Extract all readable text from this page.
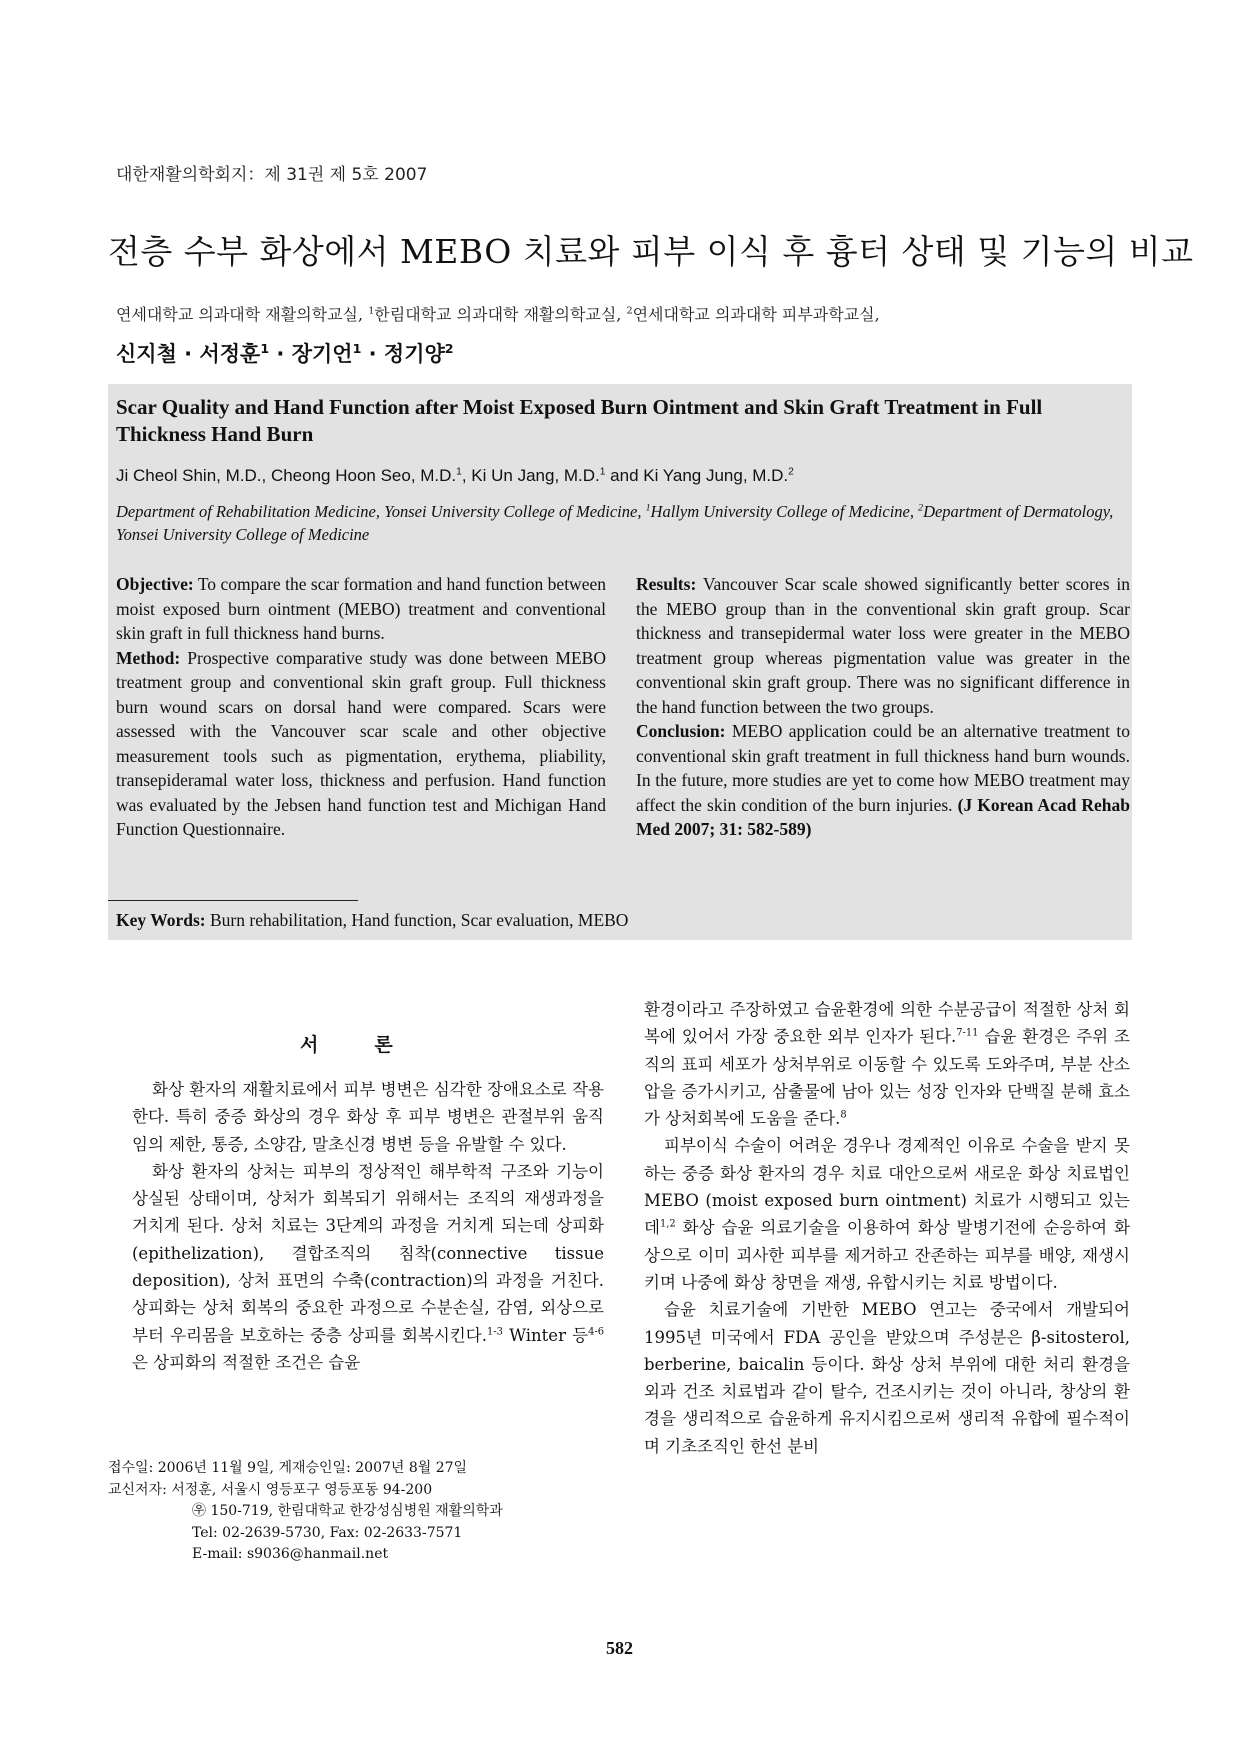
대한재활의학회지：제 31권 제 5호 2007
전층 수부 화상에서 MEBO 치료와 피부 이식 후 흉터 상태 및 기능의 비교
연세대학교 의과대학 재활의학교실, $^1$한림대학교 의과대학 재활의학교실, $^2$연세대학교 의과대학 피부과학교실,
신지철 · 서정훈$^1$ · 장기언$^1$ · 정기양$^2$
Scar Quality and Hand Function after Moist Exposed Burn Ointment and Skin Graft Treatment in Full Thickness Hand Burn
Ji Cheol Shin, M.D., Cheong Hoon Seo, M.D.$^1$, Ki Un Jang, M.D.$^1$ and Ki Yang Jung, M.D.$^2$
Department of Rehabilitation Medicine, Yonsei University College of Medicine, $^1$Hallym University College of Medicine, $^2$Department of Dermatology, Yonsei University College of Medicine

Objective: To compare the scar formation and hand function between moist exposed burn ointment (MEBO) treatment and conventional skin graft in full thickness hand burns.

Method: Prospective comparative study was done between MEBO treatment group and conventional skin graft group. Full thickness burn wound scars on dorsal hand were compared. Scars were assessed with the Vancouver scar scale and other objective measurement tools such as pigmentation, erythema, pliability, transepideramal water loss, thickness and perfusion. Hand function was evaluated by the Jebsen hand function test and Michigan Hand Function Questionnaire.

Results: Vancouver Scar scale showed significantly better scores in the MEBO group than in the conventional skin graft group. Scar thickness and transepidermal water loss were greater in the MEBO treatment group whereas pigmentation value was greater in the conventional skin graft group. There was no significant difference in the hand function between the two groups.

Conclusion: MEBO application could be an alternative treatment to conventional skin graft treatment in full thickness hand burn wounds. In the future, more studies are yet to come how MEBO treatment may affect the skin condition of the burn injuries. (J Korean Acad Rehab Med 2007; 31: 582-589)

Key Words: Burn rehabilitation, Hand function, Scar evaluation, MEBO
서론

화상 환자의 재활치료에서 피부 병변은 심각한 장애요소로 작용한다. 특히 중증 화상의 경우 화상 후 피부 병변은 관절부위 움직임의 제한, 통증, 소양감, 말초신경 병변 등을 유발할 수 있다.

화상 환자의 상처는 피부의 정상적인 해부학적 구조와 기능이 상실된 상태이며, 상처가 회복되기 위해서는 조직의 재생과정을 거치게 된다. 상처 치료는 3단계의 과정을 거치게 되는데 상피화(epithelization), 결합조직의 침착(connective tissue deposition), 상처 표면의 수축(contraction)의 과정을 거친다. 상피화는 상처 회복의 중요한 과정으로 수분손실, 감염, 외상으로부터 우리몸을 보호하는 중층 상피를 회복시킨다.$^{1-3}$ Winter 등$^{4-6}$은 상피화의 적절한 조건은 습윤

환경이라고 주장하였고 습윤환경에 의한 수분공급이 적절한 상처 회복에 있어서 가장 중요한 외부 인자가 된다.$^{7-11}$ 습윤 환경은 주위 조직의 표피 세포가 상처부위로 이동할 수 있도록 도와주며, 부분 산소압을 증가시키고, 삼출물에 남아 있는 성장 인자와 단백질 분해 효소가 상처회복에 도움을 준다.$^8$

피부이식 수술이 어려운 경우나 경제적인 이유로 수술을 받지 못하는 중증 화상 환자의 경우 치료 대안으로써 새로운 화상 치료법인 MEBO (moist exposed burn ointment) 치료가 시행되고 있는데$^{1,2}$ 화상 습윤 의료기술을 이용하여 화상 발병기전에 순응하여 화상으로 이미 괴사한 피부를 제거하고 잔존하는 피부를 배양, 재생시키며 나중에 화상 창면을 재생, 유합시키는 치료 방법이다.

습윤 치료기술에 기반한 MEBO 연고는 중국에서 개발되어 1995년 미국에서 FDA 공인을 받았으며 주성분은 β-sitosterol, berberine, baicalin 등이다. 화상 상처 부위에 대한 처리 환경을 외과 건조 치료법과 같이 탈수, 건조시키는 것이 아니라, 창상의 환경을 생리적으로 습윤하게 유지시킴으로써 생리적 유합에 필수적이며 기초조직인 한선 분비

접수일: 2006년 11월 9일, 게재승인일: 2007년 8월 27일
교신저자: 서정훈, 서울시 영등포구 영등포동 94-200
㉾ 150-719, 한림대학교 한강성심병원 재활의학과
Tel: 02-2639-5730, Fax: 02-2633-7571
E-mail: s9036@hanmail.net
582
